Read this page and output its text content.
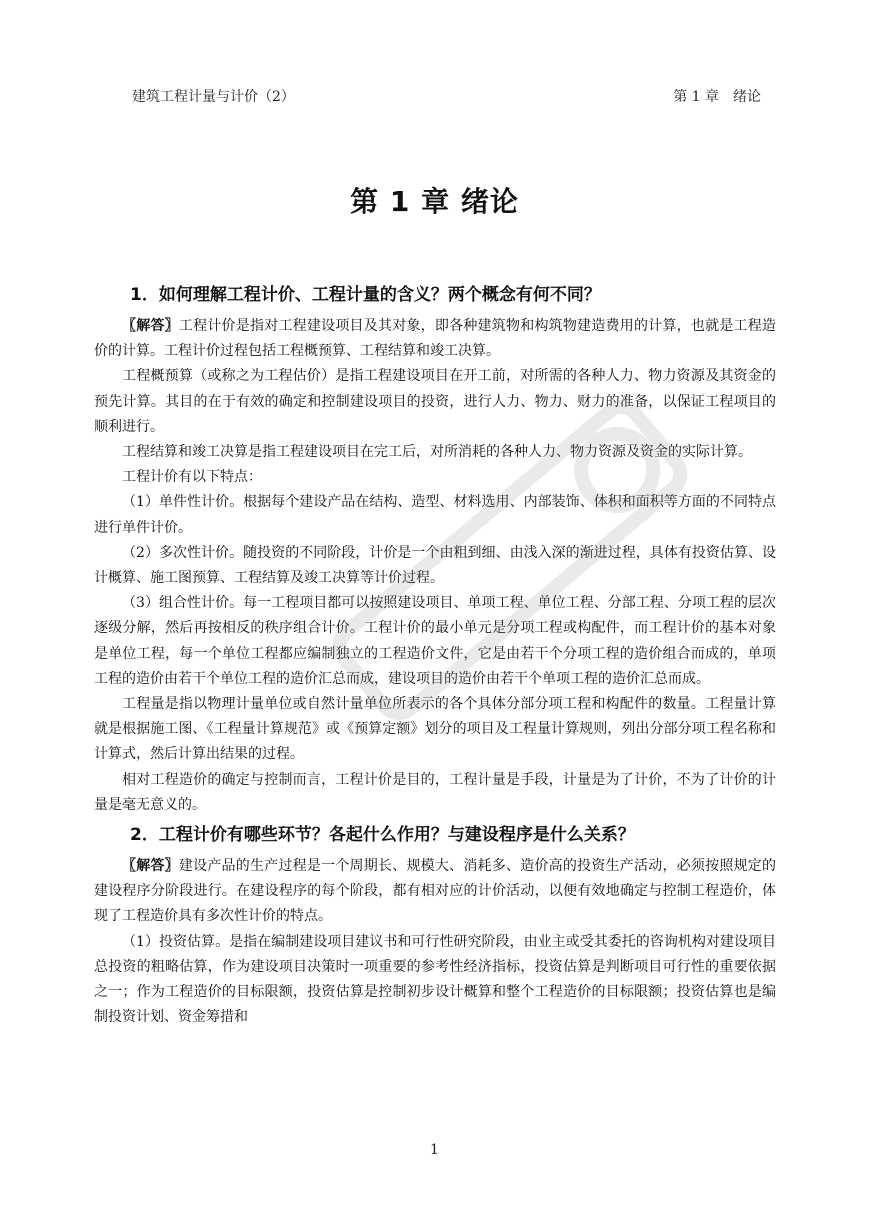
建筑工程计量与计价（2）	第 1 章　绪论
第 1 章 绪论
1．如何理解工程计价、工程计量的含义？两个概念有何不同？

〖解答〗工程计价是指对工程建设项目及其对象，即各种建筑物和构筑物建造费用的计算，也就是工程造价的计算。工程计价过程包括工程概预算、工程结算和竣工决算。

工程概预算（或称之为工程估价）是指工程建设项目在开工前，对所需的各种人力、物力资源及其资金的预先计算。其目的在于有效的确定和控制建设项目的投资，进行人力、物力、财力的准备，以保证工程项目的顺利进行。

工程结算和竣工决算是指工程建设项目在完工后，对所消耗的各种人力、物力资源及资金的实际计算。

工程计价有以下特点：

（1）单件性计价。根据每个建设产品在结构、造型、材料选用、内部装饰、体积和面积等方面的不同特点进行单件计价。

（2）多次性计价。随投资的不同阶段，计价是一个由粗到细、由浅入深的渐进过程，具体有投资估算、设计概算、施工图预算、工程结算及竣工决算等计价过程。

（3）组合性计价。每一工程项目都可以按照建设项目、单项工程、单位工程、分部工程、分项工程的层次逐级分解，然后再按相反的秩序组合计价。工程计价的最小单元是分项工程或构配件，而工程计价的基本对象是单位工程，每一个单位工程都应编制独立的工程造价文件，它是由若干个分项工程的造价组合而成的，单项工程的造价由若干个单位工程的造价汇总而成，建设项目的造价由若干个单项工程的造价汇总而成。

工程量是指以物理计量单位或自然计量单位所表示的各个具体分部分项工程和构配件的数量。工程量计算就是根据施工图、《工程量计算规范》或《预算定额》划分的项目及工程量计算规则，列出分部分项工程名称和计算式，然后计算出结果的过程。

相对工程造价的确定与控制而言，工程计价是目的，工程计量是手段，计量是为了计价，不为了计价的计量是毫无意义的。

2．工程计价有哪些环节？各起什么作用？与建设程序是什么关系？

〖解答〗建设产品的生产过程是一个周期长、规模大、消耗多、造价高的投资生产活动，必须按照规定的建设程序分阶段进行。在建设程序的每个阶段，都有相对应的计价活动，以便有效地确定与控制工程造价，体现了工程造价具有多次性计价的特点。

（1）投资估算。是指在编制建设项目建议书和可行性研究阶段，由业主或受其委托的咨询机构对建设项目总投资的粗略估算，作为建设项目决策时一项重要的参考性经济指标，投资估算是判断项目可行性的重要依据之一；作为工程造价的目标限额，投资估算是控制初步设计概算和整个工程造价的目标限额；投资估算也是编制投资计划、资金筹措和

1
